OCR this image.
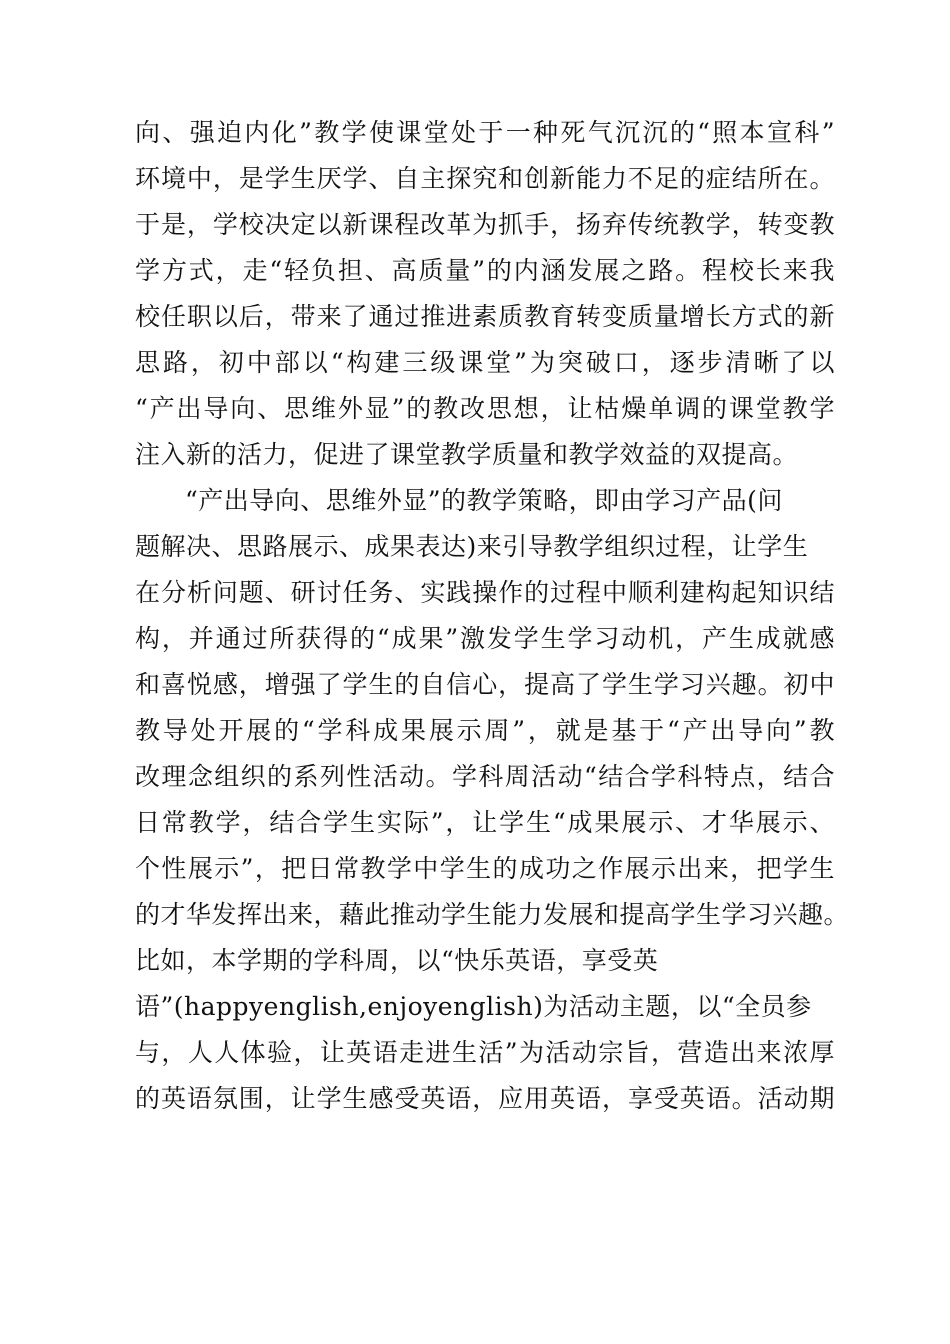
向、强迫内化”教学使课堂处于一种死气沉沉的“照本宣科”
环境中，是学生厌学、自主探究和创新能力不足的症结所在。
于是，学校决定以新课程改革为抓手，扬弃传统教学，转变教
学方式，走“轻负担、高质量”的内涵发展之路。程校长来我
校任职以后，带来了通过推进素质教育转变质量增长方式的新
思路，初中部以“构建三级课堂”为突破口，逐步清晰了以
“产出导向、思维外显”的教改思想，让枯燥单调的课堂教学
注入新的活力，促进了课堂教学质量和教学效益的双提高。
“产出导向、思维外显”的教学策略，即由学习产品(问
题解决、思路展示、成果表达)来引导教学组织过程，让学生
在分析问题、研讨任务、实践操作的过程中顺利建构起知识结
构，并通过所获得的“成果”激发学生学习动机，产生成就感
和喜悦感，增强了学生的自信心，提高了学生学习兴趣。初中
教导处开展的“学科成果展示周”，就是基于“产出导向”教
改理念组织的系列性活动。学科周活动“结合学科特点，结合
日常教学，结合学生实际”，让学生“成果展示、才华展示、
个性展示”，把日常教学中学生的成功之作展示出来，把学生
的才华发挥出来，藉此推动学生能力发展和提高学生学习兴趣。
比如，本学期的学科周，以“快乐英语，享受英
语”(happyenglish,enjoyenglish)为活动主题，以“全员参
与，人人体验，让英语走进生活”为活动宗旨，营造出来浓厚
的英语氛围，让学生感受英语，应用英语，享受英语。活动期
